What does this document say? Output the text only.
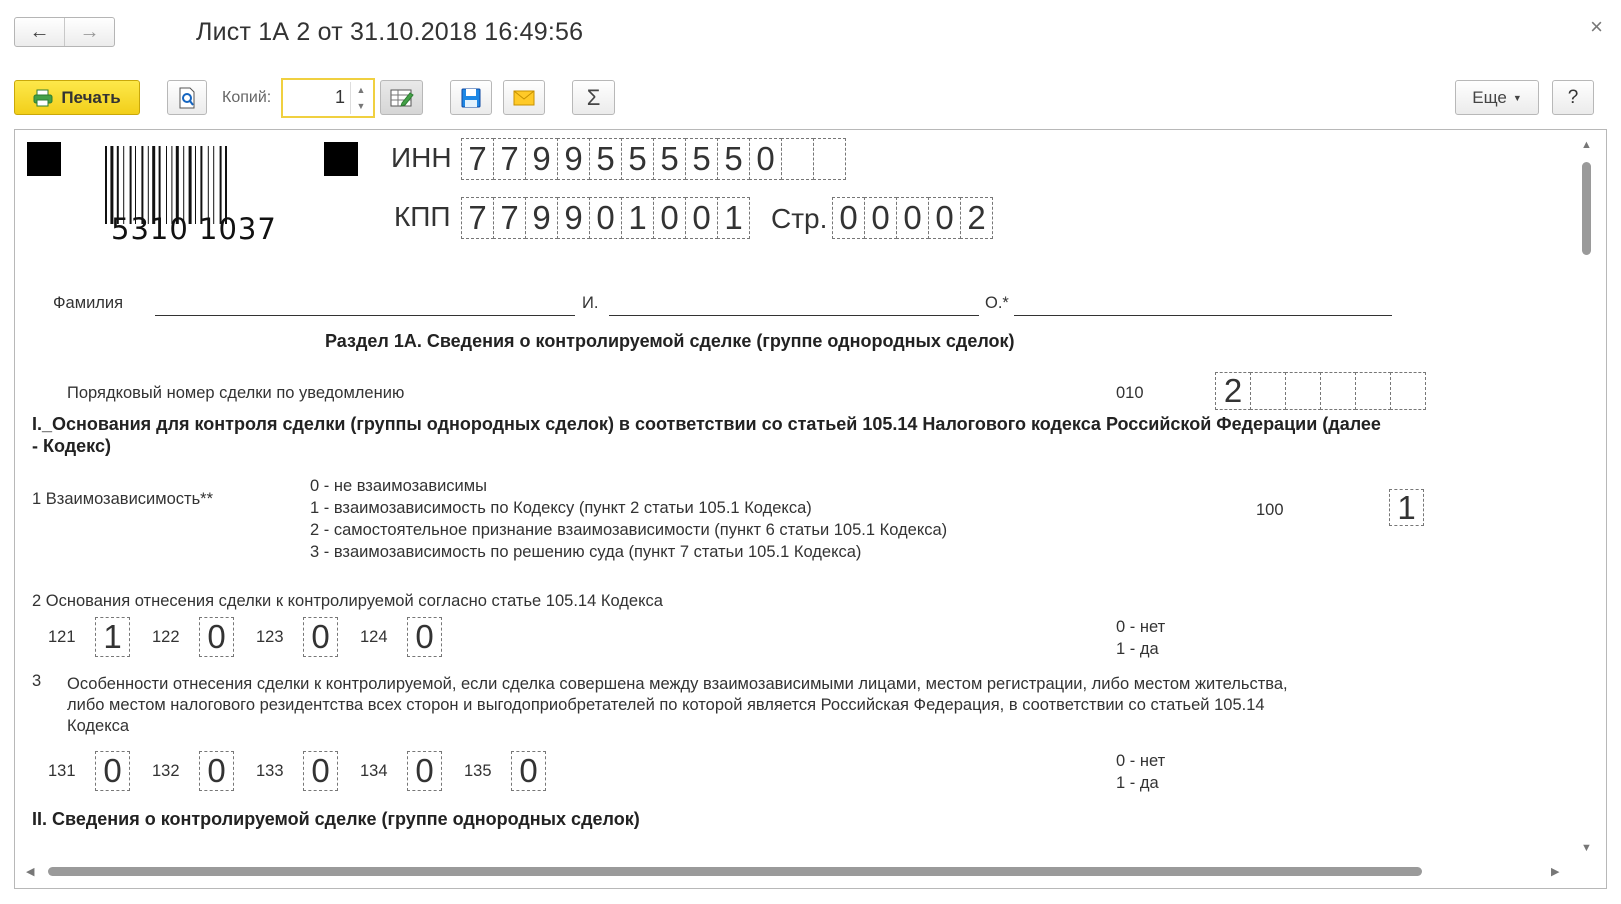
← →	Лист 1А 2 от 31.10.2018 16:49:56	×
Печать	Копий:	1 ▲
▼	Σ	Еще ▼ ?
5310 1037
ИНН 7 7 9 9 5 5 5 5 5 0
КПП 7 7 9 9 0 1 0 0 1 Стр. 0 0 0 0 2
Фамилия	И.	О.*
Раздел 1А. Сведения о контролируемой сделке (группе однородных сделок)
Порядковый номер сделки по уведомлению	010 2
I._Основания для контроля сделки (группы однородных сделок) в соответствии со статьей 105.14 Налогового кодекса Российской Федерации (далее
- Кодекс)
1 Взаимозависимость**
0 - не взаимозависимы
1 - взаимозависимость по Кодексу (пункт 2 статьи 105.1 Кодекса)
2 - самостоятельное признание взаимозависимости (пункт 6 статьи 105.1 Кодекса)
3 - взаимозависимость по решению суда (пункт 7 статьи 105.1 Кодекса)
100	1
2 Основания отнесения сделки к контролируемой согласно статье 105.14 Кодекса
121 1	122 0	123 0	124 0	0 - нет
1 - да
3 Особенности отнесения сделки к контролируемой, если сделка совершена между взаимозависимыми лицами, местом регистрации, либо местом жительства,
либо местом налогового резидентства всех сторон и выгодоприобретателей по которой является Российская Федерация, в соответствии со статьей 105.14
Кодекса
131 0	132 0	133 0	134 0	135 0	0 - нет
1 - да
II. Сведения о контролируемой сделке (группе однородных сделок)
▲
▼
◀	▶
